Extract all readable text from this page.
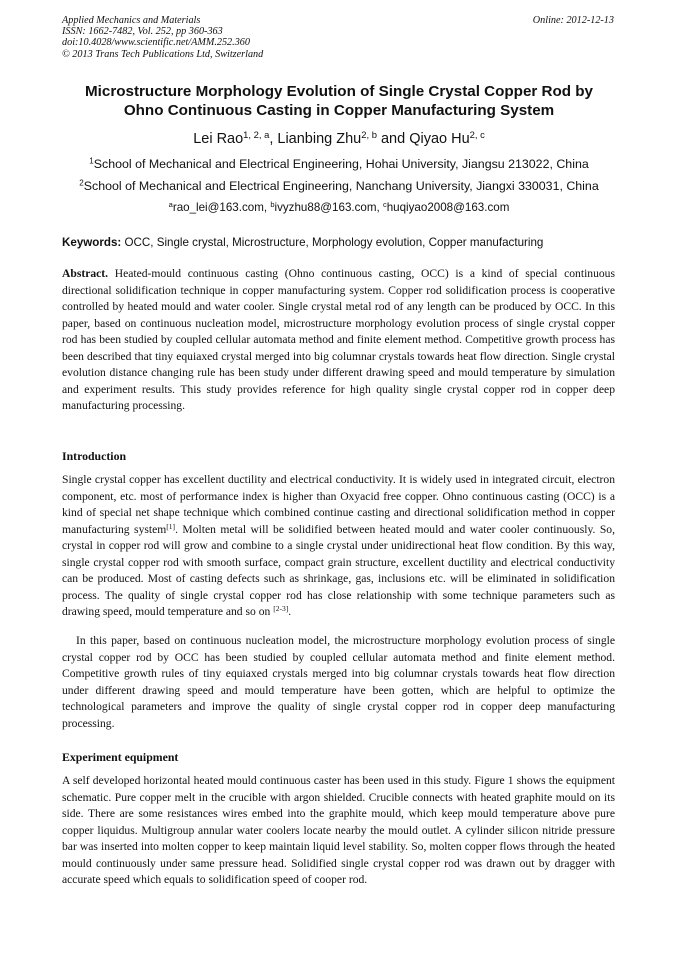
Applied Mechanics and Materials
ISSN: 1662-7482, Vol. 252, pp 360-363
doi:10.4028/www.scientific.net/AMM.252.360
© 2013 Trans Tech Publications Ltd, Switzerland
Online: 2012-12-13
Microstructure Morphology Evolution of Single Crystal Copper Rod by
Ohno Continuous Casting in Copper Manufacturing System
Lei Rao$^{1, 2, a}$, Lianbing Zhu$^{2, b}$ and Qiyao Hu$^{2, c}$
$^1$School of Mechanical and Electrical Engineering, Hohai University, Jiangsu 213022, China
$^2$School of Mechanical and Electrical Engineering, Nanchang University, Jiangxi 330031, China
$^a$rao_lei@163.com, $^b$ivyzhu88@163.com, $^c$huqiyao2008@163.com
Keywords: OCC, Single crystal, Microstructure, Morphology evolution, Copper manufacturing
Abstract. Heated-mould continuous casting (Ohno continuous casting, OCC) is a kind of special continuous directional solidification technique in copper manufacturing system. Copper rod solidification process is cooperative controlled by heated mould and water cooler. Single crystal metal rod of any length can be produced by OCC. In this paper, based on continuous nucleation model, microstructure morphology evolution process of single crystal copper rod has been studied by coupled cellular automata method and finite element method. Competitive growth process has been described that tiny equiaxed crystal merged into big columnar crystals towards heat flow direction. Single crystal evolution distance changing rule has been study under different drawing speed and mould temperature by simulation and experiment results. This study provides reference for high quality single crystal copper rod in copper deep manufacturing processing.
Introduction
Single crystal copper has excellent ductility and electrical conductivity. It is widely used in integrated circuit, electron component, etc. most of performance index is higher than Oxyacid free copper. Ohno continuous casting (OCC) is a kind of special net shape technique which combined continue casting and directional solidification method in copper manufacturing system[1]. Molten metal will be solidified between heated mould and water cooler continuously. So, crystal in copper rod will grow and combine to a single crystal under unidirectional heat flow condition. By this way, single crystal copper rod with smooth surface, compact grain structure, excellent ductility and electrical conductivity can be produced. Most of casting defects such as shrinkage, gas, inclusions etc. will be eliminated in solidification process. The quality of single crystal copper rod has close relationship with some technique parameters such as drawing speed, mould temperature and so on [2-3].
In this paper, based on continuous nucleation model, the microstructure morphology evolution process of single crystal copper rod by OCC has been studied by coupled cellular automata method and finite element method. Competitive growth rules of tiny equiaxed crystals merged into big columnar crystals towards heat flow direction under different drawing speed and mould temperature have been gotten, which are helpful to optimize the technological parameters and improve the quality of single crystal copper rod in copper deep manufacturing processing.
Experiment equipment
A self developed horizontal heated mould continuous caster has been used in this study. Figure 1 shows the equipment schematic. Pure copper melt in the crucible with argon shielded. Crucible connects with heated graphite mould on its side. There are some resistances wires embed into the graphite mould, which keep mould temperature above pure copper liquidus. Multigroup annular water coolers locate nearby the mould outlet. A cylinder silicon nitride pressure bar was inserted into molten copper to keep maintain liquid level stability. So, molten copper flows through the heated mould continuously under same pressure head. Solidified single crystal copper rod was drawn out by dragger with accurate speed which equals to solidification speed of cooper rod.
